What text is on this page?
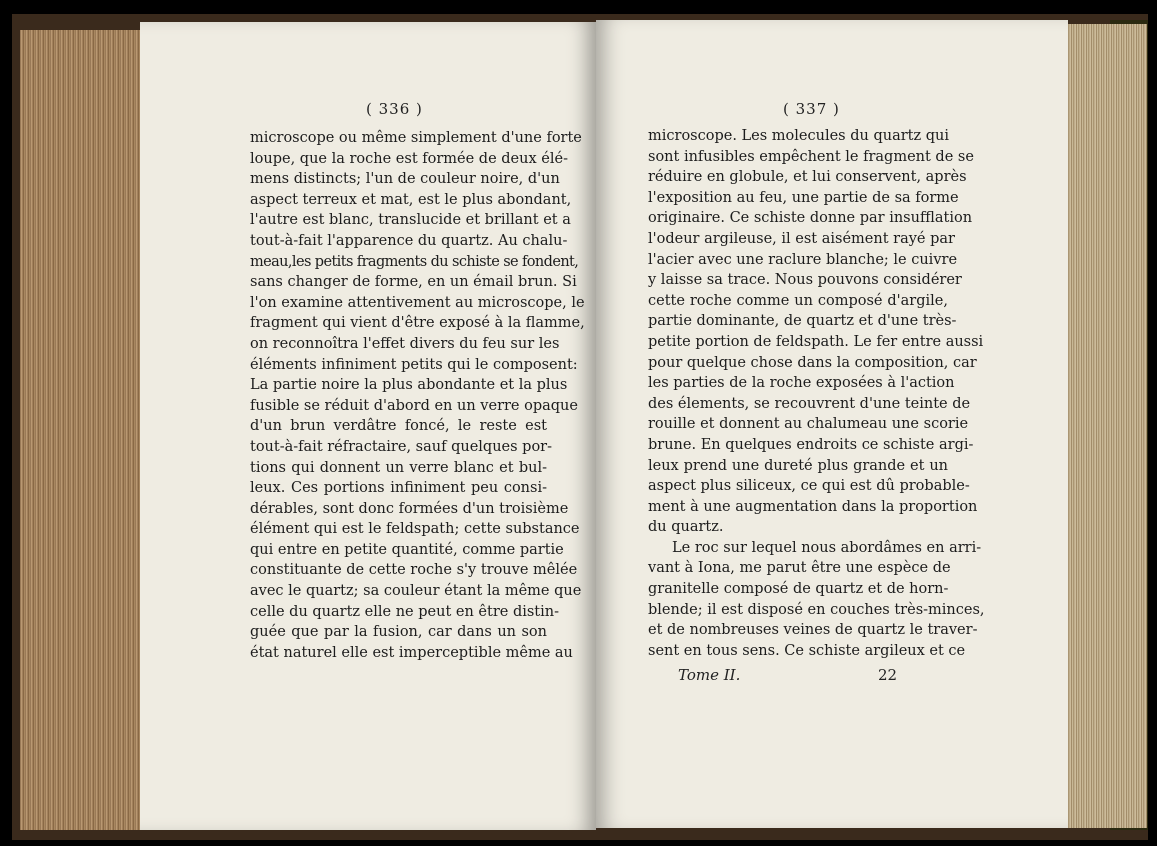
( 336 )
microscope ou même simplement d'une forte
loupe, que la roche est formée de deux élé-
mens distincts; l'un de couleur noire, d'un
aspect terreux et mat, est le plus abondant,
l'autre est blanc, translucide et brillant et a
tout-à-fait l'apparence du quartz. Au chalu-
meau,les petits fragments du schiste se fondent,
sans changer de forme, en un émail brun. Si
l'on examine attentivement au microscope, le
fragment qui vient d'être exposé à la flamme,
on reconnoîtra l'effet divers du feu sur les
éléments infiniment petits qui le composent:
La partie noire la plus abondante et la plus
fusible se réduit d'abord en un verre opaque
d'un brun verdâtre foncé, le reste est
tout-à-fait réfractaire, sauf quelques por-
tions qui donnent un verre blanc et bul-
leux. Ces portions infiniment peu consi-
dérables, sont donc formées d'un troisième
élément qui est le feldspath; cette substance
qui entre en petite quantité, comme partie
constituante de cette roche s'y trouve mêlée
avec le quartz; sa couleur étant la même que
celle du quartz elle ne peut en être distin-
guée que par la fusion, car dans un son
état naturel elle est imperceptible même au
( 337 )
microscope. Les molecules du quartz qui
sont infusibles empêchent le fragment de se
réduire en globule, et lui conservent, après
l'exposition au feu, une partie de sa forme
originaire. Ce schiste donne par insufflation
l'odeur argileuse, il est aisément rayé par
l'acier avec une raclure blanche; le cuivre
y laisse sa trace. Nous pouvons considérer
cette roche comme un composé d'argile,
partie dominante, de quartz et d'une très-
petite portion de feldspath. Le fer entre aussi
pour quelque chose dans la composition, car
les parties de la roche exposées à l'action
des élements, se recouvrent d'une teinte de
rouille et donnent au chalumeau une scorie
brune. En quelques endroits ce schiste argi-
leux prend une dureté plus grande et un
aspect plus siliceux, ce qui est dû probable-
ment à une augmentation dans la proportion
du quartz.
Le roc sur lequel nous abordâmes en arri-
vant à Iona, me parut être une espèce de
granitelle composé de quartz et de horn-
blende; il est disposé en couches très-minces,
et de nombreuses veines de quartz le traver-
sent en tous sens. Ce schiste argileux et ce
Tome II.	22
